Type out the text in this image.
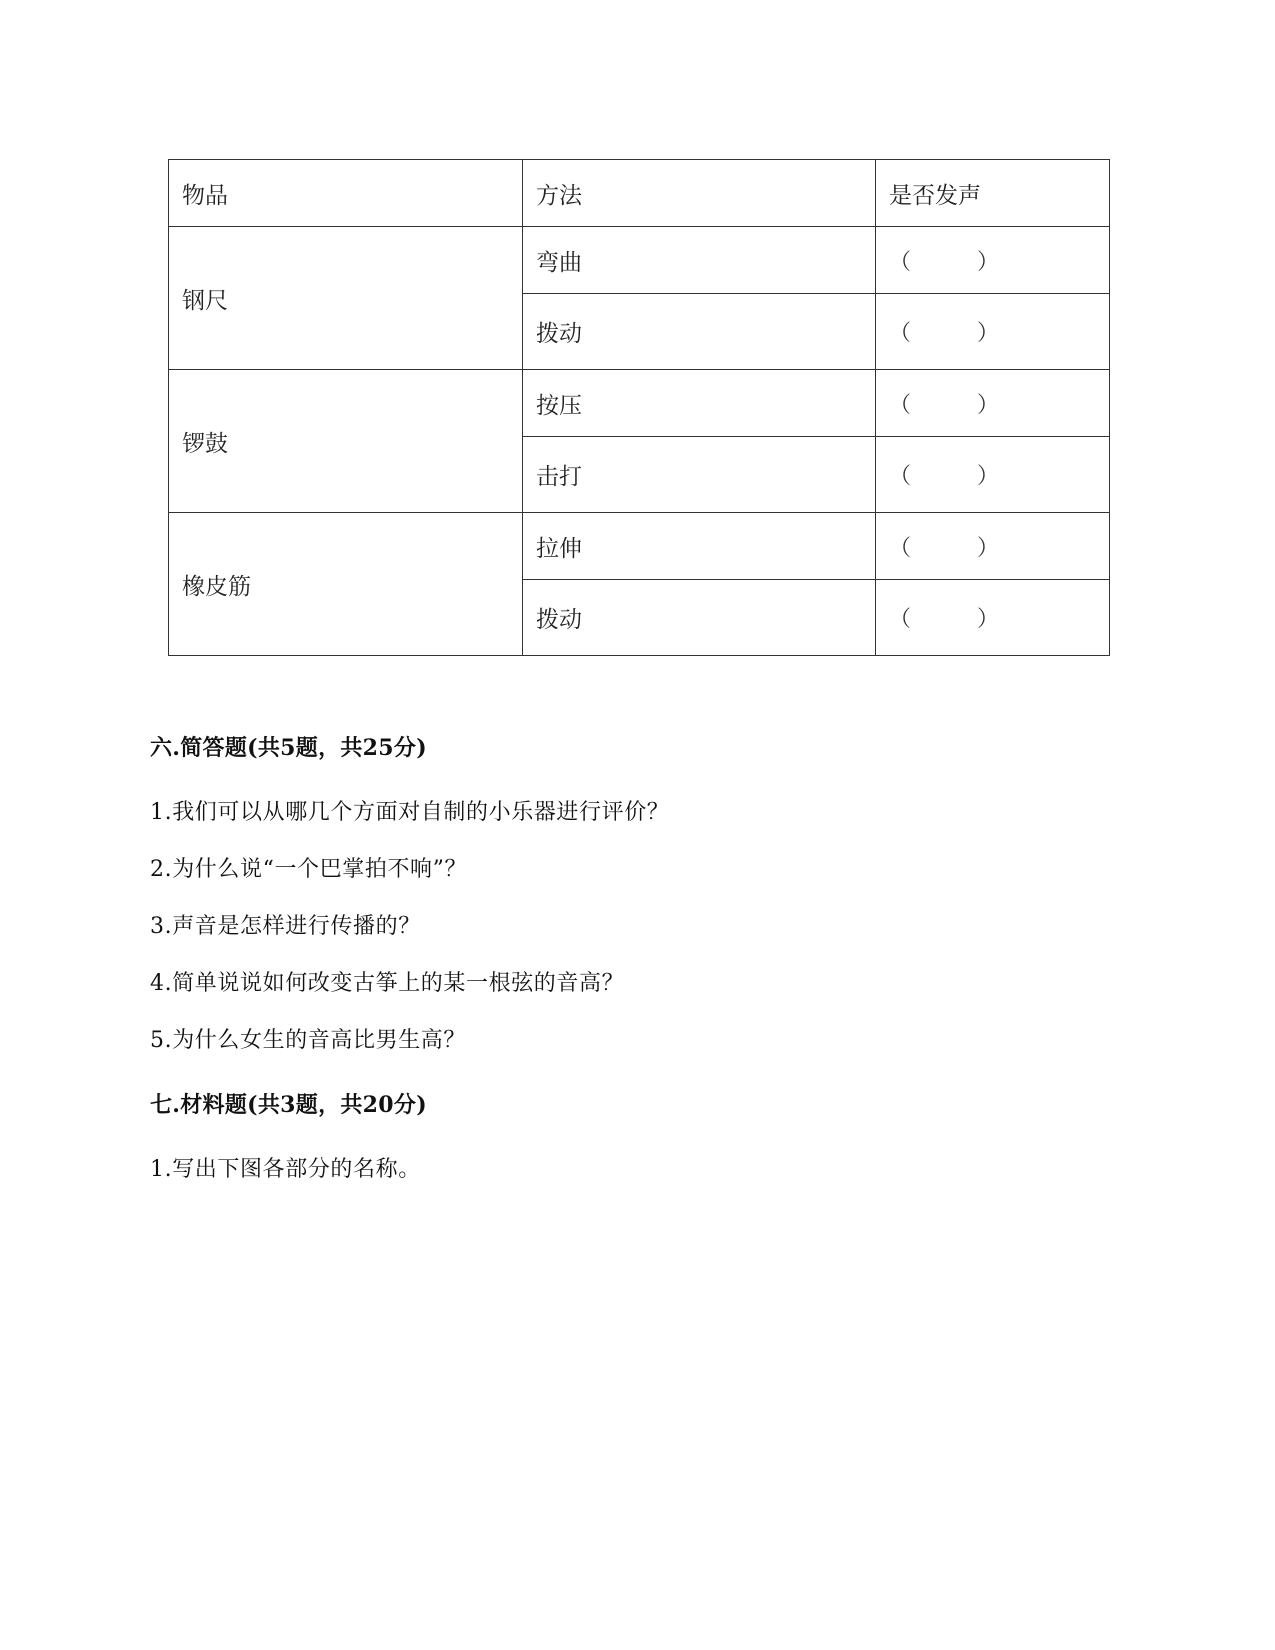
物品	方法	是否发声
钢尺	弯曲	（ ）

	拨动	（ ）

锣鼓	按压	（ ）

	击打	（ ）

橡皮筋	拉伸	（ ）

	拨动	（ ）
六.简答题(共5题，共25分)
1.我们可以从哪几个方面对自制的小乐器进行评价？
2.为什么说“一个巴掌拍不响”？
3.声音是怎样进行传播的？
4.简单说说如何改变古筝上的某一根弦的音高？
5.为什么女生的音高比男生高？
七.材料题(共3题，共20分)
1.写出下图各部分的名称。
